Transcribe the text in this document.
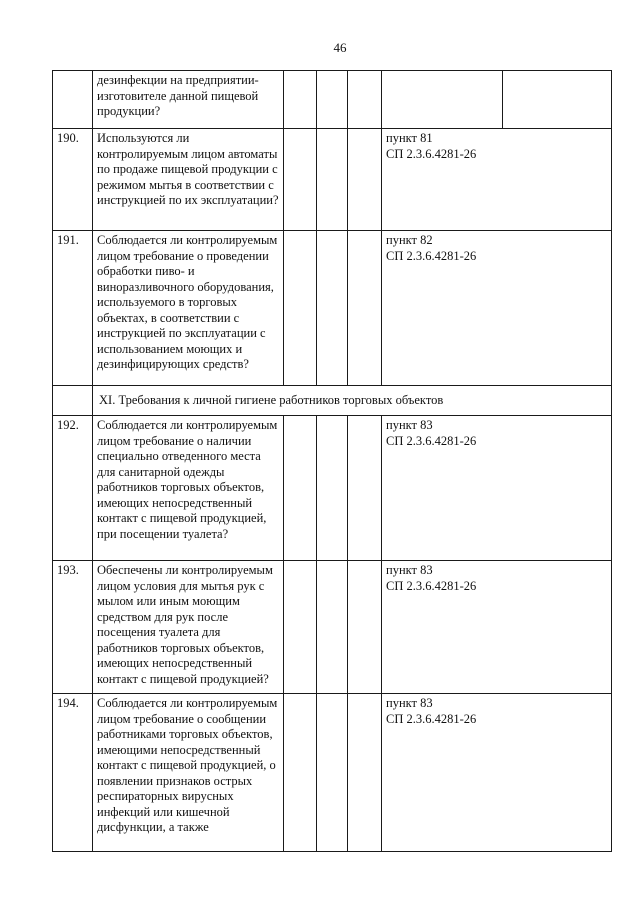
46
	дезинфекции на предприятии-изготовителе данной пищевой продукции?					
190.	Используются ли контролируемым лицом автоматы по продаже пищевой продукции с режимом мытья в соответствии с инструкцией по их эксплуатации?				пункт 81
СП 2.3.6.4281-26	

191.	Соблюдается ли контролируемым лицом требование о проведении обработки пиво- и виноразливочного оборудования, используемого в торговых объектах, в соответствии с инструкцией по эксплуатации с использованием моющих и дезинфицирующих средств?				пункт 82
СП 2.3.6.4281-26	

	XI. Требования к личной гигиене работников торговых объектов					
192.	Соблюдается ли контролируемым лицом требование о наличии специально отведенного места для санитарной одежды работников торговых объектов, имеющих непосредственный контакт с пищевой продукцией, при посещении туалета?				пункт 83
СП 2.3.6.4281-26	

193.	Обеспечены ли контролируемым лицом условия для мытья рук с мылом или иным моющим средством для рук после посещения туалета для работников торговых объектов, имеющих непосредственный контакт с пищевой продукцией?				пункт 83
СП 2.3.6.4281-26	

194.	Соблюдается ли контролируемым лицом требование о сообщении работниками торговых объектов, имеющими непосредственный контакт с пищевой продукцией, о появлении признаков острых респираторных вирусных инфекций или кишечной дисфункции, а также				пункт 83
СП 2.3.6.4281-26	
